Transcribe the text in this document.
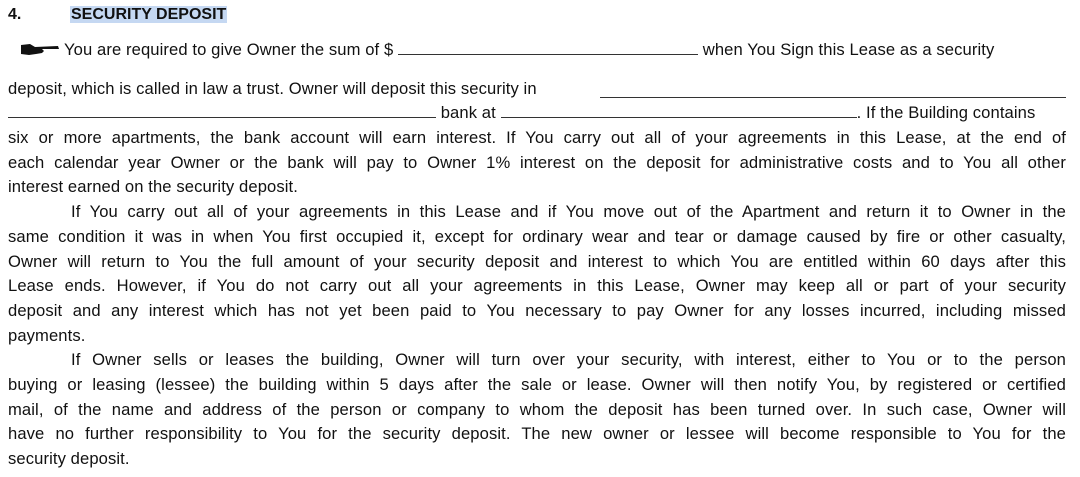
4.	SECURITY DEPOSIT
You are required to give Owner the sum of $	when You Sign this Lease as a security
deposit, which is called in law a trust. Owner will deposit this security in
bank at	. If the Building contains
six or more apartments, the bank account will earn interest. If You carry out all of your agreements in this Lease, at the end of
each calendar year Owner or the bank will pay to Owner 1% interest on the deposit for administrative costs and to You all other
interest earned on the security deposit.
If You carry out all of your agreements in this Lease and if You move out of the Apartment and return it to Owner in the
same condition it was in when You first occupied it, except for ordinary wear and tear or damage caused by fire or other casualty,
Owner will return to You the full amount of your security deposit and interest to which You are entitled within 60 days after this
Lease ends. However, if You do not carry out all your agreements in this Lease, Owner may keep all or part of your security
deposit and any interest which has not yet been paid to You necessary to pay Owner for any losses incurred, including missed
payments.
If Owner sells or leases the building, Owner will turn over your security, with interest, either to You or to the person
buying or leasing (lessee) the building within 5 days after the sale or lease. Owner will then notify You, by registered or certified
mail, of the name and address of the person or company to whom the deposit has been turned over. In such case, Owner will
have no further responsibility to You for the security deposit. The new owner or lessee will become responsible to You for the
security deposit.
